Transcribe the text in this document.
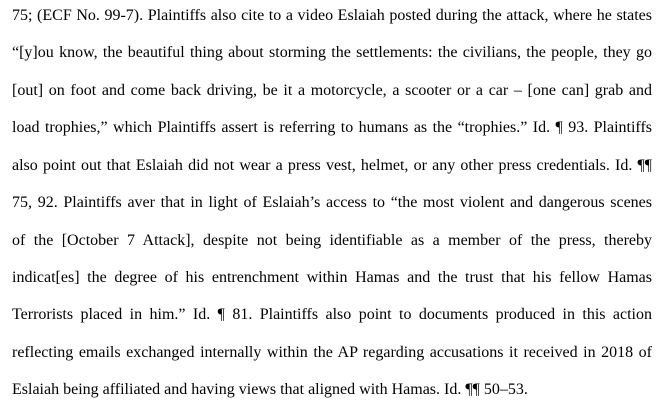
75; (ECF No. 99-7). Plaintiffs also cite to a video Eslaiah posted during the attack, where he states
“[y]ou know, the beautiful thing about storming the settlements: the civilians, the people, they go
[out] on foot and come back driving, be it a motorcycle, a scooter or a car – [one can] grab and
load trophies,” which Plaintiffs assert is referring to humans as the “trophies.” Id. ¶ 93. Plaintiffs
also point out that Eslaiah did not wear a press vest, helmet, or any other press credentials. Id. ¶¶
75, 92. Plaintiffs aver that in light of Eslaiah’s access to “the most violent and dangerous scenes
of the [October 7 Attack], despite not being identifiable as a member of the press, thereby
indicat[es] the degree of his entrenchment within Hamas and the trust that his fellow Hamas
Terrorists placed in him.” Id. ¶ 81. Plaintiffs also point to documents produced in this action
reflecting emails exchanged internally within the AP regarding accusations it received in 2018 of
Eslaiah being affiliated and having views that aligned with Hamas. Id. ¶¶ 50–53.
